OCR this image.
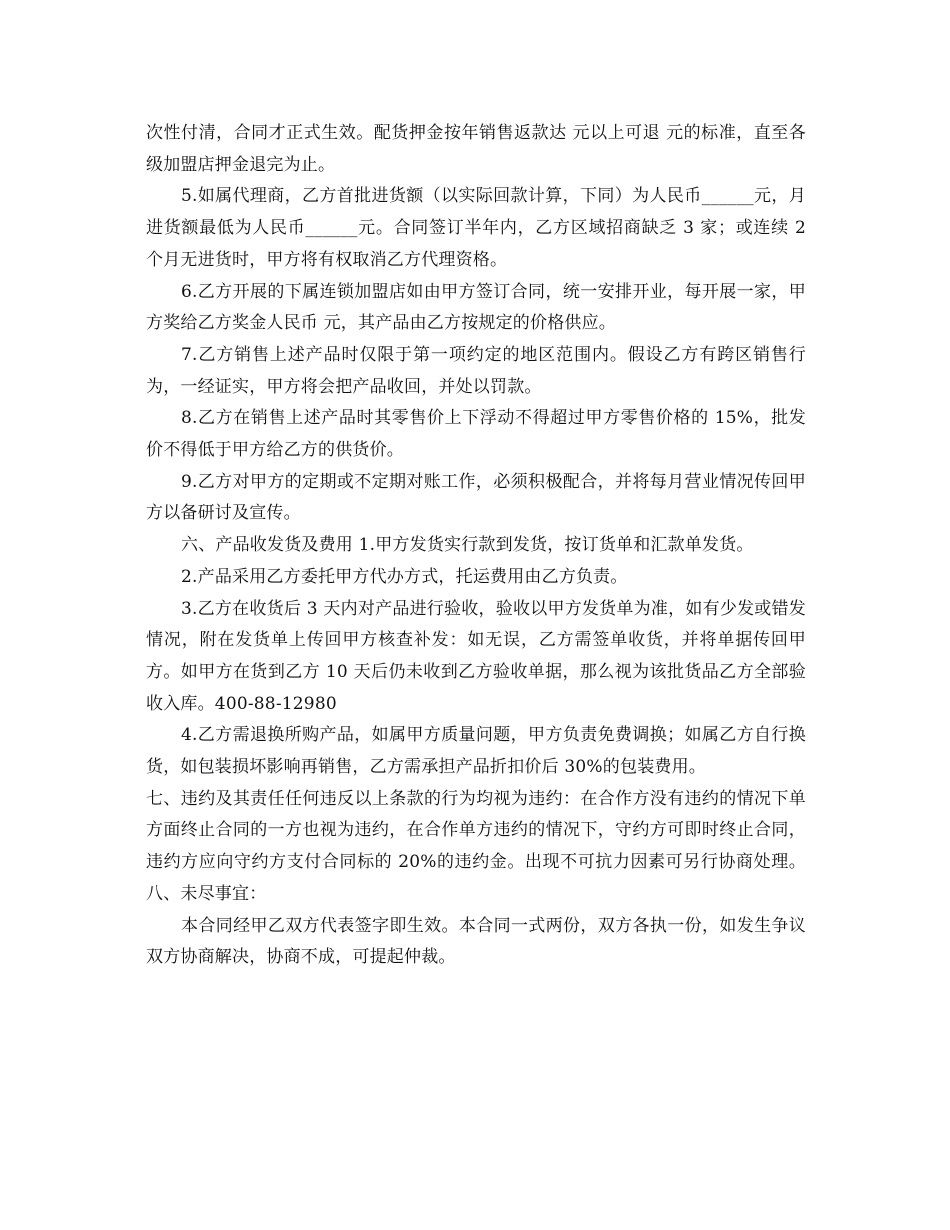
次性付清，合同才正式生效。配货押金按年销售返款达 元以上可退 元的标准，直至各级加盟店押金退完为止。

5.如属代理商，乙方首批进货额（以实际回款计算，下同）为人民币______元，月进货额最低为人民币______元。合同签订半年内，乙方区域招商缺乏 3 家；或连续 2 个月无进货时，甲方将有权取消乙方代理资格。

6.乙方开展的下属连锁加盟店如由甲方签订合同，统一安排开业，每开展一家，甲方奖给乙方奖金人民币 元，其产品由乙方按规定的价格供应。

7.乙方销售上述产品时仅限于第一项约定的地区范围内。假设乙方有跨区销售行为，一经证实，甲方将会把产品收回，并处以罚款。

8.乙方在销售上述产品时其零售价上下浮动不得超过甲方零售价格的 15%，批发价不得低于甲方给乙方的供货价。

9.乙方对甲方的定期或不定期对账工作，必须积极配合，并将每月营业情况传回甲方以备研讨及宣传。

六、产品收发货及费用 1.甲方发货实行款到发货，按订货单和汇款单发货。

2.产品采用乙方委托甲方代办方式，托运费用由乙方负责。

3.乙方在收货后 3 天内对产品进行验收，验收以甲方发货单为准，如有少发或错发情况，附在发货单上传回甲方核查补发：如无误，乙方需签单收货，并将单据传回甲方。如甲方在货到乙方 10 天后仍未收到乙方验收单据，那么视为该批货品乙方全部验收入库。400-88-12980

4.乙方需退换所购产品，如属甲方质量问题，甲方负责免费调换；如属乙方自行换货，如包装损坏影响再销售，乙方需承担产品折扣价后 30%的包装费用。

七、违约及其责任任何违反以上条款的行为均视为违约：在合作方没有违约的情况下单方面终止合同的一方也视为违约，在合作单方违约的情况下，守约方可即时终止合同，违约方应向守约方支付合同标的 20%的违约金。出现不可抗力因素可另行协商处理。 八、未尽事宜：

本合同经甲乙双方代表签字即生效。本合同一式两份，双方各执一份，如发生争议双方协商解决，协商不成，可提起仲裁。
